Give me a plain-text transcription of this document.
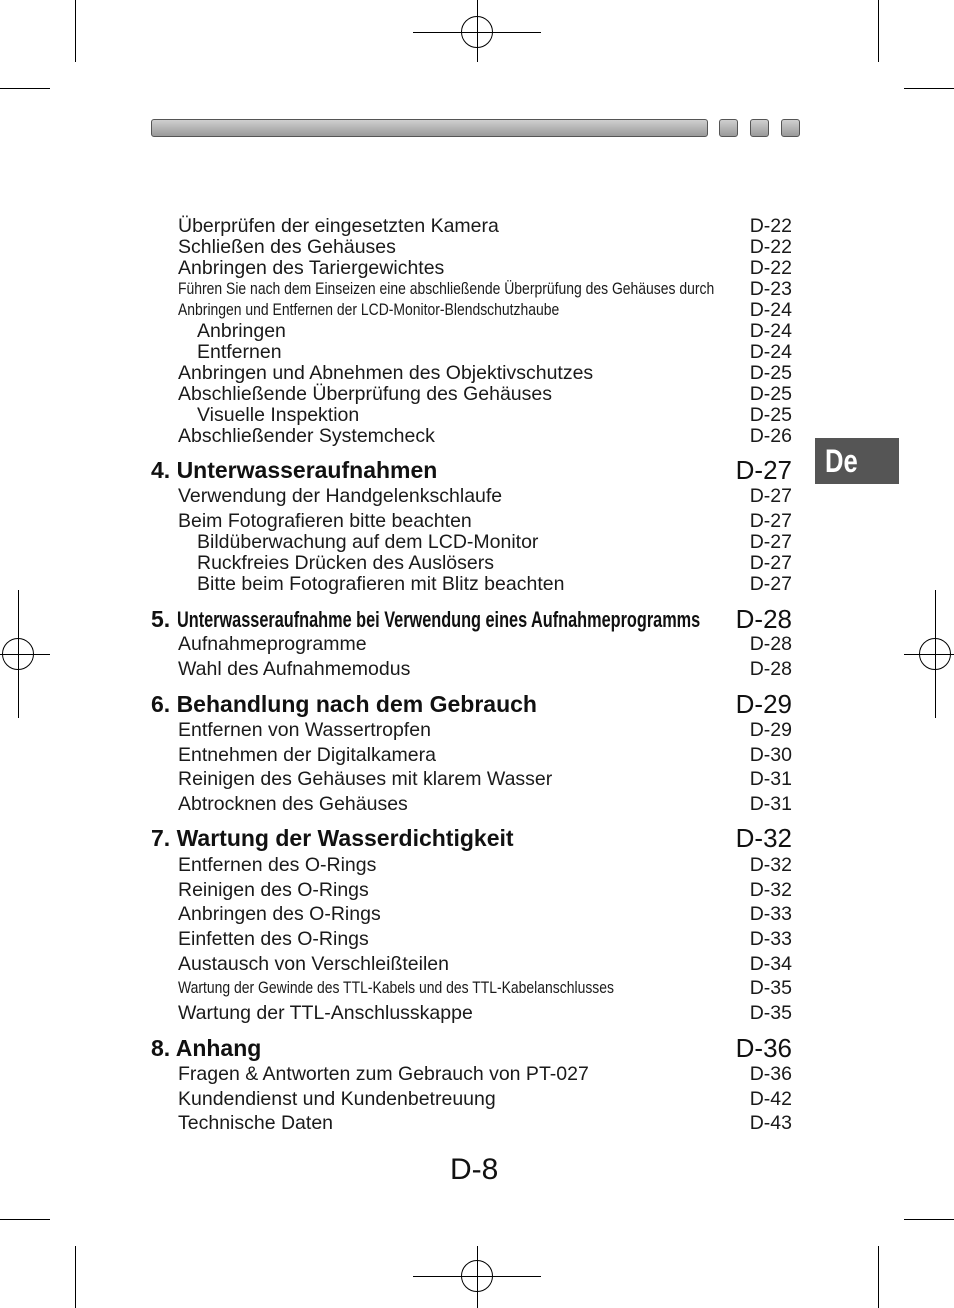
De
Überprüfen der eingesetzten Kamera	D-22
Schließen des Gehäuses	D-22
Anbringen des Tariergewichtes	D-22
Führen Sie nach dem Einseizen eine abschließende Überprüfung des Gehäuses durch D-23
Anbringen und Entfernen der LCD-Monitor-Blendschutzhaube	D-24
Anbringen	D-24
Entfernen	D-24
Anbringen und Abnehmen des Objektivschutzes	D-25
Abschließende Überprüfung des Gehäuses	D-25
Visuelle Inspektion	D-25
Abschließender Systemcheck	D-26
4. Unterwasseraufnahmen	D-27
Verwendung der Handgelenkschlaufe	D-27
Beim Fotografieren bitte beachten	D-27
Bildüberwachung auf dem LCD-Monitor	D-27
Ruckfreies Drücken des Auslösers	D-27
Bitte beim Fotografieren mit Blitz beachten	D-27
5. Unterwasseraufnahme bei Verwendung eines Aufnahmeprogramms	D-28
Aufnahmeprogramme	D-28
Wahl des Aufnahmemodus	D-28
6. Behandlung nach dem Gebrauch	D-29
Entfernen von Wassertropfen	D-29
Entnehmen der Digitalkamera	D-30
Reinigen des Gehäuses mit klarem Wasser	D-31
Abtrocknen des Gehäuses	D-31
7. Wartung der Wasserdichtigkeit	D-32
Entfernen des O-Rings	D-32
Reinigen des O-Rings	D-32
Anbringen des O-Rings	D-33
Einfetten des O-Rings	D-33
Austausch von Verschleißteilen	D-34
Wartung der Gewinde des TTL-Kabels und des TTL-Kabelanschlusses	D-35
Wartung der TTL-Anschlusskappe	D-35
8. Anhang	D-36
Fragen & Antworten zum Gebrauch von PT-027	D-36
Kundendienst und Kundenbetreuung	D-42
Technische Daten	D-43
D-8
